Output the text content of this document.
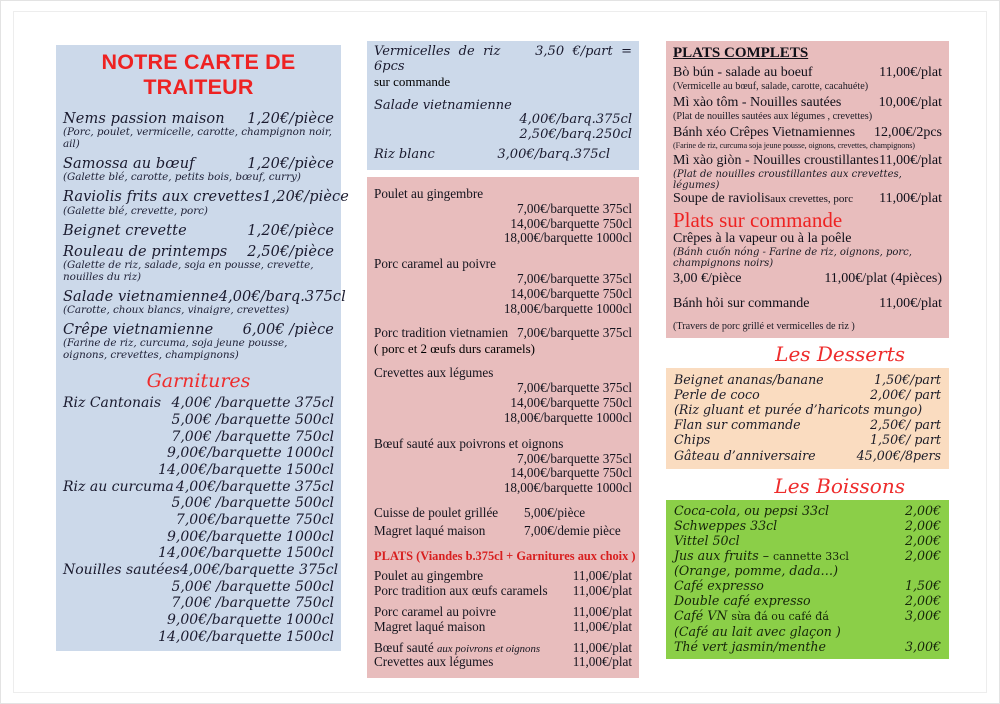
NOTRE CARTE DE TRAITEUR
Nems passion maison 1,20€/pièce
(Porc, poulet, vermicelle, carotte, champignon noir, ail)
Samossa au bœuf	1,20€/pièce
(Galette blé, carotte, petits bois, bœuf, curry)
Raviolis frits aux crevettes 1,20€/pièce
(Galette blé, crevette, porc)
Beignet crevette	1,20€/pièce
Rouleau de printemps 2,50€/pièce
(Galette de riz, salade, soja en pousse, crevette, nouilles du riz)
Salade vietnamienne 4,00€/barq.375cl
(Carotte, choux blancs, vinaigre, crevettes)
Crêpe vietnamienne 6,00€ /pièce
(Farine de riz, curcuma, soja jeune pousse, oignons, crevettes, champignons)
Garnitures
Riz Cantonais 4,00€ /barquette 375cl
5,00€ /barquette 500cl
7,00€ /barquette 750cl
9,00€/barquette 1000cl
14,00€/barquette 1500cl
Riz au curcuma 4,00€/barquette 375cl
5,00€ /barquette 500cl
7,00€/barquette 750cl
9,00€/barquette 1000cl
14,00€/barquette 1500cl
Nouilles sautées 4,00€/barquette 375cl
5,00€ /barquette 500cl
7,00€ /barquette 750cl
9,00€/barquette 1000cl
14,00€/barquette 1500cl
Vermicelles de riz	3,50 €/part = 6pcs
sur commande
Salade vietnamienne
4,00€/barq.375cl
2,50€/barq.250cl
Riz blanc	3,00€/barq.375cl
Poulet au gingembre
7,00€/barquette 375cl
14,00€/barquette 750cl
18,00€/barquette 1000cl
Porc caramel au poivre
7,00€/barquette 375cl
14,00€/barquette 750cl
18,00€/barquette 1000cl
Porc tradition vietnamien 7,00€/barquette 375cl
( porc et 2 œufs durs caramels)
Crevettes aux légumes
7,00€/barquette 375cl
14,00€/barquette 750cl
18,00€/barquette 1000cl
Bœuf sauté aux poivrons et oignons
7,00€/barquette 375cl
14,00€/barquette 750cl
18,00€/barquette 1000cl
Cuisse de poulet grillée	5,00€/pièce
Magret laqué maison	7,00€/demie pièce
PLATS (Viandes b.375cl + Garnitures aux choix )
Poulet au gingembre	11,00€/plat
Porc tradition aux œufs caramels 11,00€/plat
Porc caramel au poivre	11,00€/plat
Magret laqué maison	11,00€/plat
Bœuf sauté aux poivrons et oignons 11,00€/plat
Crevettes aux légumes	11,00€/plat
PLATS COMPLETS
Bò bún - salade au boeuf	11,00€/plat
(Vermicelle au bœuf, salade, carotte, cacahuéte)
Mì xào tôm - Nouilles sautées	10,00€/plat
(Plat de nouilles sautées aux légumes , crevettes)
Bánh xéo Crêpes Vietnamiennes 12,00€/2pcs
(Farine de riz, curcuma soja jeune pousse, oignons, crevettes, champignons)
Mì xào giòn - Nouilles croustillantes 11,00€/plat
(Plat de nouilles croustillantes aux crevettes, légumes)
Soupe de raviolisaux crevettes, porc 11,00€/plat
Plats sur commande
Crêpes à la vapeur ou à la poêle
(Bánh cuốn nóng - Farine de riz, oignons, porc, champignons noirs)
3,00 €/pièce	11,00€/plat (4pièces)
Bánh hỏi sur commande	11,00€/plat
(Travers de porc grillé et vermicelles de riz )
Les Desserts
Beignet ananas/banane	1,50€/part
Perle de coco	2,00€/ part
(Riz gluant et purée d’haricots mungo)
Flan sur commande	2,50€/ part
Chips	1,50€/ part
Gâteau d’anniversaire	45,00€/8pers
Les Boissons
Coca-cola, ou pepsi 33cl	2,00€
Schweppes 33cl	2,00€
Vittel 50cl	2,00€
Jus aux fruits – cannette 33cl	2,00€
(Orange, pomme, dada…)
Café expresso	1,50€
Double café expresso	2,00€
Café VN sừa đá ou café đá	3,00€
(Café au lait avec glaçon )
Thé vert jasmin/menthe	3,00€
